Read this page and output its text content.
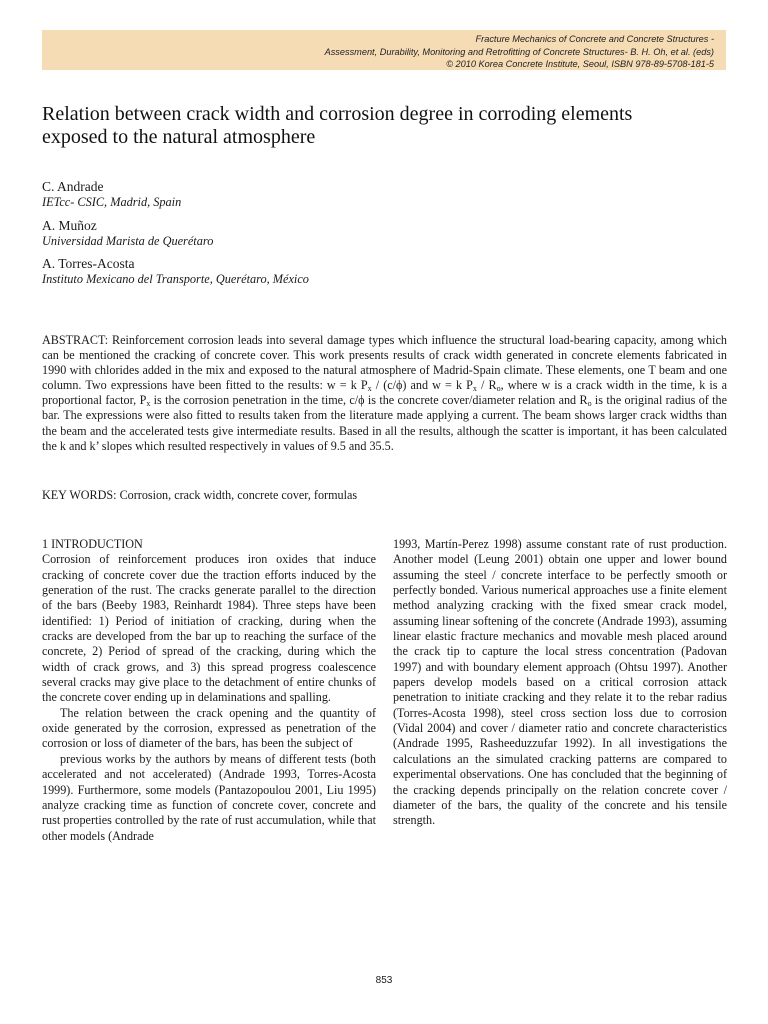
Fracture Mechanics of Concrete and Concrete Structures -
Assessment, Durability, Monitoring and Retrofitting of Concrete Structures- B. H. Oh, et al. (eds)
© 2010 Korea Concrete Institute, Seoul, ISBN 978-89-5708-181-5
Relation between crack width and corrosion degree in corroding elements exposed to the natural atmosphere
C. Andrade
IETcc- CSIC, Madrid, Spain
A. Muñoz
Universidad Marista de Querétaro
A. Torres-Acosta
Instituto Mexicano del Transporte, Querétaro, México

ABSTRACT: Reinforcement corrosion leads into several damage types which influence the structural load-bearing capacity, among which can be mentioned the cracking of concrete cover. This work presents results of crack width generated in concrete elements fabricated in 1990 with chlorides added in the mix and exposed to the natural atmosphere of Madrid-Spain climate. These elements, one T beam and one column. Two expressions have been fitted to the results: w = k $P_x / (c/\phi)$ and w = k $P_x / R_o$, where w is a crack width in the time, k is a proportional factor, $P_x$ is the corrosion penetration in the time, c/ϕ is the concrete cover/diameter relation and $R_o$ is the original radius of the bar. The expressions were also fitted to results taken from the literature made applying a current. The beam shows larger crack widths than the beam and the accelerated tests give intermediate results. Based in all the results, although the scatter is important, it has been calculated the k and k’ slopes which resulted respectively in values of 9.5 and 35.5.

KEY WORDS: Corrosion, crack width, concrete cover, formulas

1 INTRODUCTION

Corrosion of reinforcement produces iron oxides that induce cracking of concrete cover due the traction efforts induced by the generation of the rust. The cracks generate parallel to the direction of the bars (Beeby 1983, Reinhardt 1984). Three steps have been identified: 1) Period of initiation of cracking, during when the cracks are developed from the bar up to reaching the surface of the concrete, 2) Period of spread of the cracking, during which the width of crack grows, and 3) this spread progress coalescence several cracks may give place to the detachment of entire chunks of the concrete cover ending up in delaminations and spalling.

The relation between the crack opening and the quantity of oxide generated by the corrosion, expressed as penetration of the corrosion or loss of diameter of the bars, has been the subject of

previous works by the authors by means of different tests (both accelerated and not accelerated) (Andrade 1993, Torres-Acosta 1999). Furthermore, some models (Pantazopoulou 2001, Liu 1995) analyze cracking time as function of concrete cover, concrete and rust properties controlled by the rate of rust accumulation, while that other models (Andrade

1993, Martín-Perez 1998) assume constant rate of rust production. Another model (Leung 2001) obtain one upper and lower bound assuming the steel / concrete interface to be perfectly smooth or perfectly bonded. Various numerical approaches use a finite element method analyzing cracking with the fixed smear crack model, assuming linear softening of the concrete (Andrade 1993), assuming linear elastic fracture mechanics and movable mesh placed around the crack tip to capture the local stress concentration (Padovan 1997) and with boundary element approach (Ohtsu 1997). Another papers develop models based on a critical corrosion attack penetration to initiate cracking and they relate it to the rebar radius (Torres-Acosta 1998), steel cross section loss due to corrosion (Vidal 2004) and cover / diameter ratio and concrete characteristics (Andrade 1995, Rasheeduzzufar 1992). In all investigations the calculations an the simulated cracking patterns are compared to experimental observations. One has concluded that the beginning of the cracking depends principally on the relation concrete cover / diameter of the bars, the quality of the concrete and his tensile strength.

853
